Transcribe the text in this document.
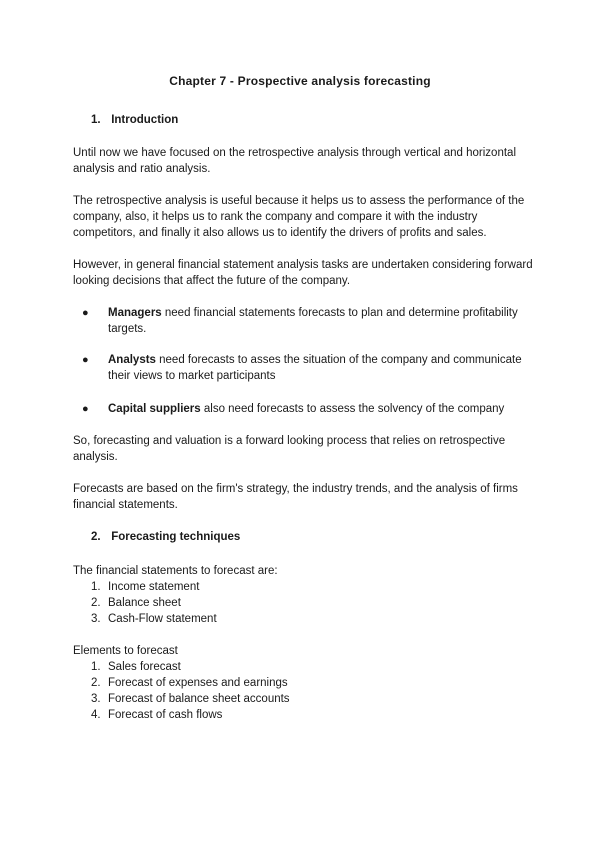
Chapter 7 - Prospective analysis forecasting
1. Introduction

Until now we have focused on the retrospective analysis through vertical and horizontal analysis and ratio analysis.

The retrospective analysis is useful because it helps us to assess the performance of the company, also, it helps us to rank the company and compare it with the industry competitors, and finally it also allows us to identify the drivers of profits and sales.

However, in general financial statement analysis tasks are undertaken considering forward looking decisions that affect the future of the company.

●	Managers need financial statements forecasts to plan and determine profitability targets.
●	Analysts need forecasts to asses the situation of the company and communicate their views to market participants
●	Capital suppliers also need forecasts to assess the solvency of the company

So, forecasting and valuation is a forward looking process that relies on retrospective analysis.

Forecasts are based on the firm's strategy, the industry trends, and the analysis of firms financial statements.

2. Forecasting techniques

The financial statements to forecast are:

1. Income statement
2. Balance sheet
3. Cash-Flow statement

Elements to forecast

1. Sales forecast
2. Forecast of expenses and earnings
3. Forecast of balance sheet accounts
4. Forecast of cash flows
